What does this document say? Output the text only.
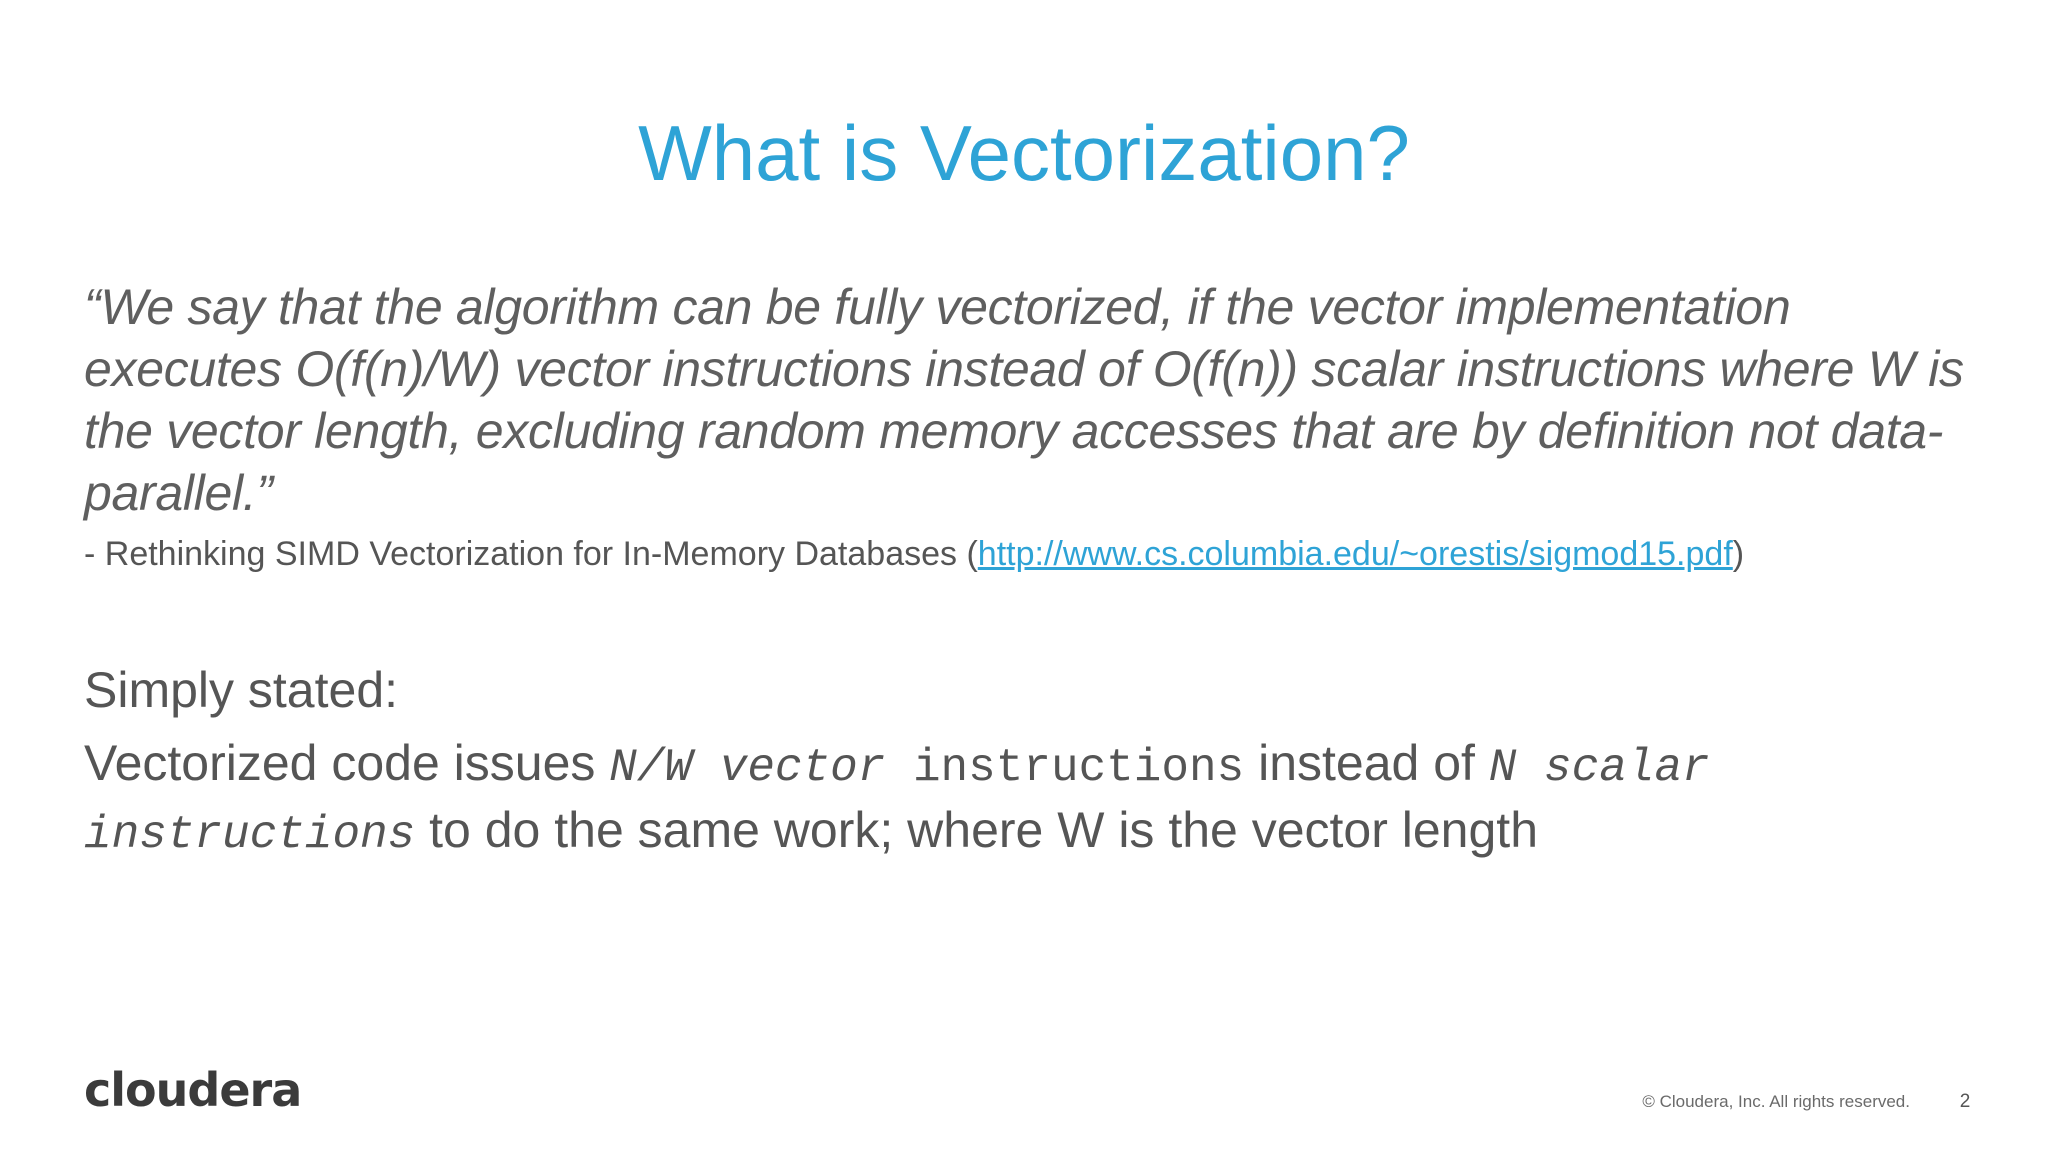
What is Vectorization?

“We say that the algorithm can be fully vectorized, if the vector implementation executes O(f(n)/W) vector instructions instead of O(f(n)) scalar instructions where W is the vector length, excluding random memory accesses that are by definition not data-parallel.”

- Rethinking SIMD Vectorization for In-Memory Databases (http://www.cs.columbia.edu/~orestis/sigmod15.pdf)

Simply stated:

Vectorized code issues N/W vector instructions instead of N scalar instructions to do the same work; where W is the vector length

cloudera	© Cloudera, Inc. All rights reserved.	2
